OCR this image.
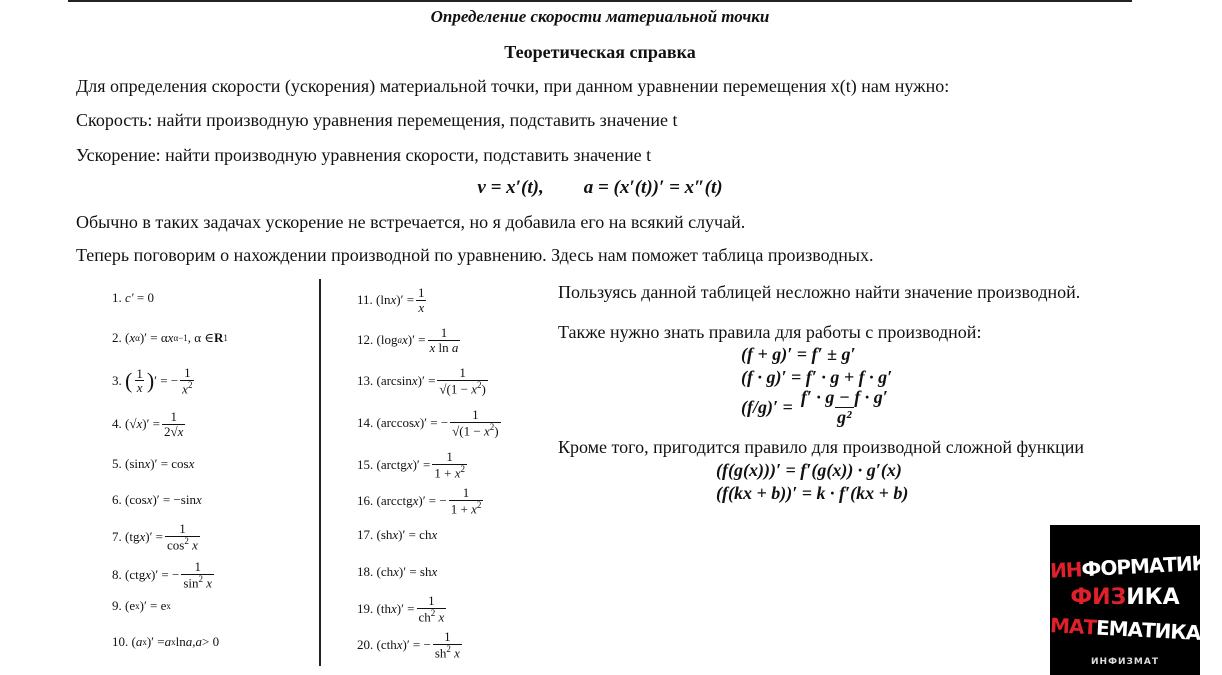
Определение скорости материальной точки
Теоретическая справка
Для определения скорости (ускорения) материальной точки, при данном уравнении перемещения x(t) нам нужно:
Скорость: найти производную уравнения перемещения, подставить значение t
Ускорение: найти производную уравнения скорости, подставить значение t
v = x′(t), a = (x′(t))′ = x″(t)
Обычно в таких задачах ускорение не встречается, но я добавила его на всякий случай.
Теперь поговорим о нахождении производной по уравнению. Здесь нам поможет таблица производных.
1. c′ = 0
2. ( x α )′ = α x α−1 , α ∈ R 1
3. ( $\frac{1}{x}$ ) ′ = − $\frac{1}{x^2}$
4. (√ x )′ = $\frac{1}{2√x}$
5. (sin x )′ = cos x
6. (cos x )′ = −sin x
7. (tg x )′ = $\frac{1}{\cos^2 x}$
8. (ctg x )′ = − $\frac{1}{\sin^2 x}$
9. (e x )′ = e x
10. ( a x )′ = a x ln a , a > 0
11. (ln x )′ = $\frac{1}{x}$
12. (log a x )′ = $\frac{1}{\text{x ln a}}$
13. (arcsin x )′ = $\frac{1}{√(1 - x^2)}$
14. (arccos x )′ = − $\frac{1}{√(1 - x^2)}$
15. (arctg x )′ = $\frac{1}{1 + x^2}$
16. (arcctg x )′ = − $\frac{1}{1 + x^2}$
17. (sh x )′ = ch x
18. (ch x )′ = sh x
19. (th x )′ = $\frac{1}{ch^2 x}$
20. (cth x )′ = − $\frac{1}{sh^2 x}$
Пользуясь данной таблицей несложно найти значение производной.
Также нужно знать правила для работы с производной:
(f + g)′ = f′ ± g′
(f · g)′ = f′ · g + f · g′
$(f/g)' = \frac{f' \cdot g - f \cdot g'}{\text{g²}}$
Кроме того, пригодится правило для производной сложной функции
(f(g(x)))′ = f′(g(x)) · g′(x)
(f(kx + b))′ = k · f′(kx + b)
ИНФОРМАТИКА
ФИЗИКА
МАТЕМАТИКА
ИНФИЗМАТ
